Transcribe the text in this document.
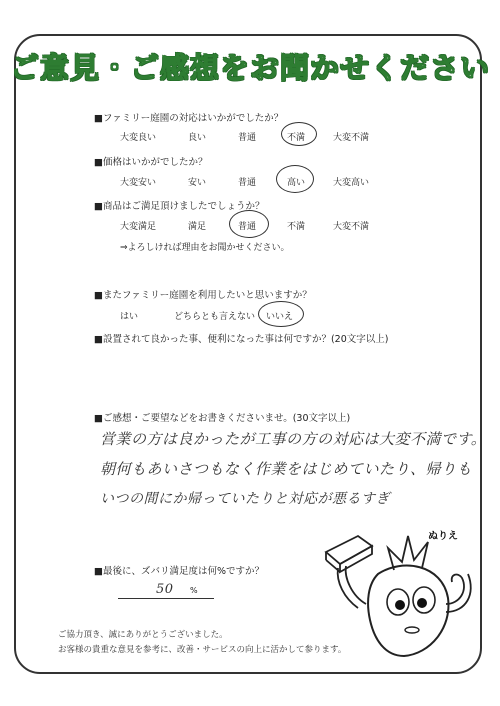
ご意見・ご感想をお聞かせください
■ファミリー庭園の対応はいかがでしたか？
大変良い	良い	普通	不満	大変不満
■価格はいかがでしたか？
大変安い	安い	普通	高い	大変高い
■商品はご満足頂けましたでしょうか？
大変満足	満足	普通	不満	大変不満
⇒よろしければ理由をお聞かせください。
■またファミリー庭園を利用したいと思いますか？
はい	どちらとも言えない いいえ
■設置されて良かった事、便利になった事は何ですか？(20文字以上)
■ご感想・ご要望などをお書きくださいませ。(30文字以上)
営業の方は良かったが工事の方の対応は大変不満です。
朝何もあいさつもなく作業をはじめていたり、帰りも
いつの間にか帰っていたりと対応が悪るすぎ
■最後に、ズバリ満足度は何%ですか？
50 %
ご協力頂き、誠にありがとうございました。
お客様の貴重な意見を参考に、改善・サービスの向上に活かして参ります。
ぬりえ
